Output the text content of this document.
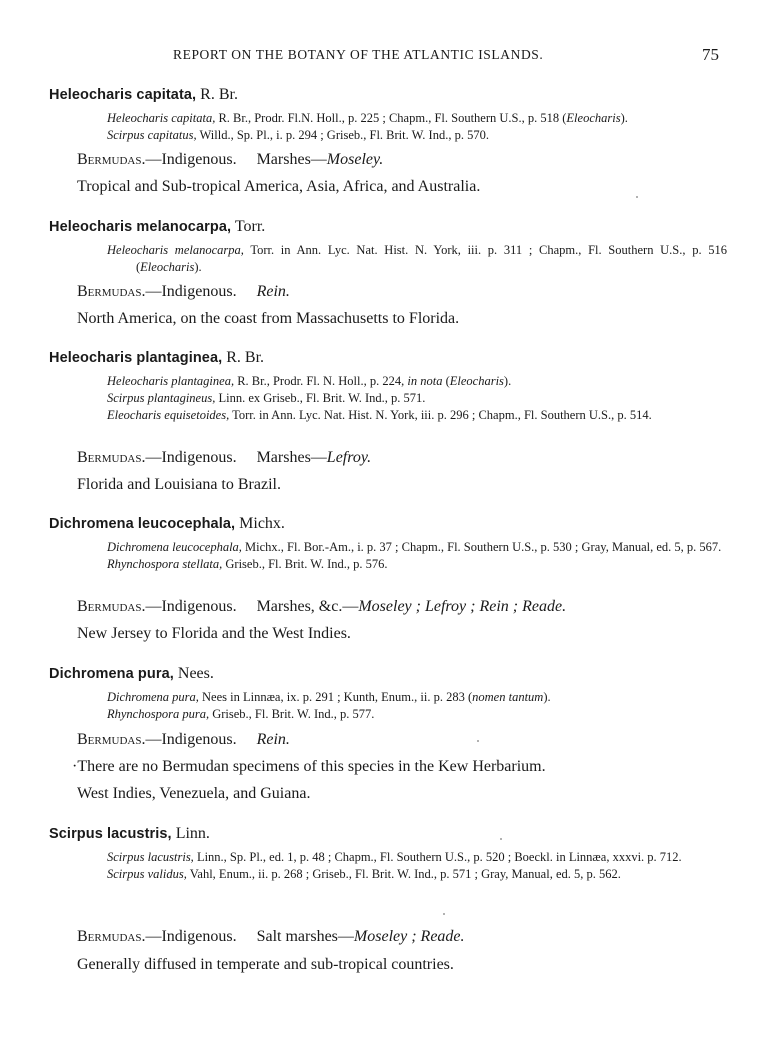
REPORT ON THE BOTANY OF THE ATLANTIC ISLANDS.	75
Heleocharis capitata, R. Br.
Heleocharis capitata, R. Br., Prodr. Fl.N. Holl., p. 225 ; Chapm., Fl. Southern U.S., p. 518 (Eleocharis).
Scirpus capitatus, Willd., Sp. Pl., i. p. 294 ; Griseb., Fl. Brit. W. Ind., p. 570.
Bermudas.—Indigenous. Marshes—Moseley.
Tropical and Sub-tropical America, Asia, Africa, and Australia.
Heleocharis melanocarpa, Torr.
Heleocharis melanocarpa, Torr. in Ann. Lyc. Nat. Hist. N. York, iii. p. 311 ; Chapm., Fl. Southern U.S., p. 516 (Eleocharis).
Bermudas.—Indigenous. Rein.
North America, on the coast from Massachusetts to Florida.
Heleocharis plantaginea, R. Br.
Heleocharis plantaginea, R. Br., Prodr. Fl. N. Holl., p. 224, in nota (Eleocharis).
Scirpus plantagineus, Linn. ex Griseb., Fl. Brit. W. Ind., p. 571.
Eleocharis equisetoides, Torr. in Ann. Lyc. Nat. Hist. N. York, iii. p. 296 ; Chapm., Fl. Southern U.S., p. 514.
Bermudas.—Indigenous. Marshes—Lefroy.
Florida and Louisiana to Brazil.
Dichromena leucocephala, Michx.
Dichromena leucocephala, Michx., Fl. Bor.-Am., i. p. 37 ; Chapm., Fl. Southern U.S., p. 530 ; Gray, Manual, ed. 5, p. 567.
Rhynchospora stellata, Griseb., Fl. Brit. W. Ind., p. 576.
Bermudas.—Indigenous. Marshes, &c.—Moseley ; Lefroy ; Rein ; Reade.
New Jersey to Florida and the West Indies.
Dichromena pura, Nees.
Dichromena pura, Nees in Linnæa, ix. p. 291 ; Kunth, Enum., ii. p. 283 (nomen tantum).
Rhynchospora pura, Griseb., Fl. Brit. W. Ind., p. 577.
Bermudas.—Indigenous. Rein.
·There are no Bermudan specimens of this species in the Kew Herbarium.
West Indies, Venezuela, and Guiana.
Scirpus lacustris, Linn.
Scirpus lacustris, Linn., Sp. Pl., ed. 1, p. 48 ; Chapm., Fl. Southern U.S., p. 520 ; Boeckl. in Linnæa, xxxvi. p. 712.
Scirpus validus, Vahl, Enum., ii. p. 268 ; Griseb., Fl. Brit. W. Ind., p. 571 ; Gray, Manual, ed. 5, p. 562.
Bermudas.—Indigenous. Salt marshes—Moseley ; Reade.
Generally diffused in temperate and sub-tropical countries.
